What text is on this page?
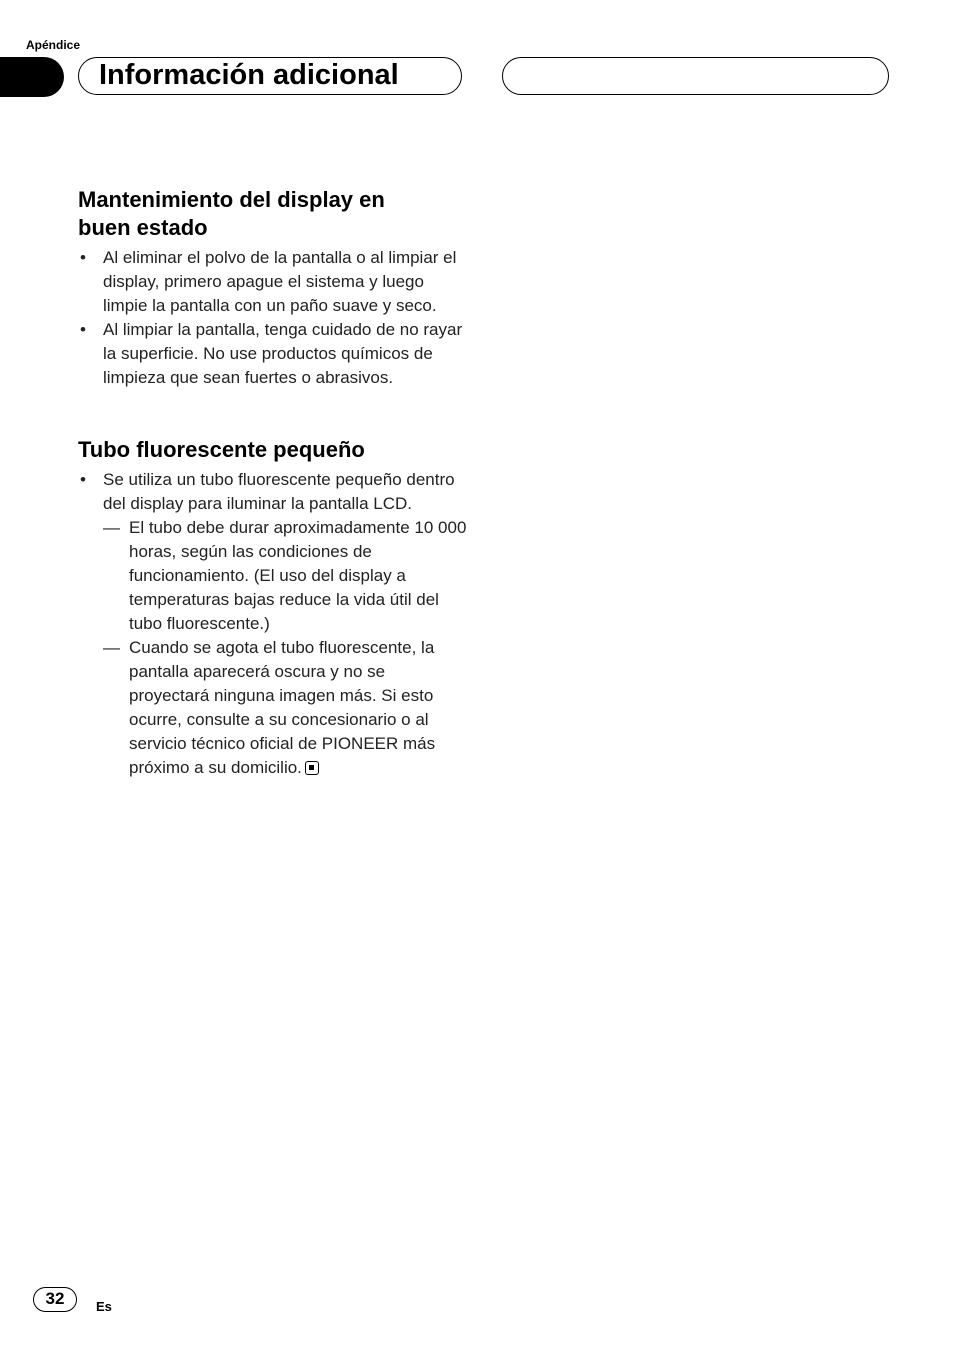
Apéndice
Información adicional
Mantenimiento del display en
buen estado
• Al eliminar el polvo de la pantalla o al limpiar el display, primero apague el sistema y luego limpie la pantalla con un paño suave y seco.
• Al limpiar la pantalla, tenga cuidado de no rayar la superficie. No use productos químicos de limpieza que sean fuertes o abrasivos.
Tubo fluorescente pequeño
• Se utiliza un tubo fluorescente pequeño dentro del display para iluminar la pantalla LCD.
— El tubo debe durar aproximadamente 10 000 horas, según las condiciones de funcionamiento. (El uso del display a temperaturas bajas reduce la vida útil del tubo fluorescente.)
— Cuando se agota el tubo fluorescente, la pantalla aparecerá oscura y no se proyectará ninguna imagen más. Si esto ocurre, consulte a su concesionario o al servicio técnico oficial de PIONEER más próximo a su domicilio.
32	Es
